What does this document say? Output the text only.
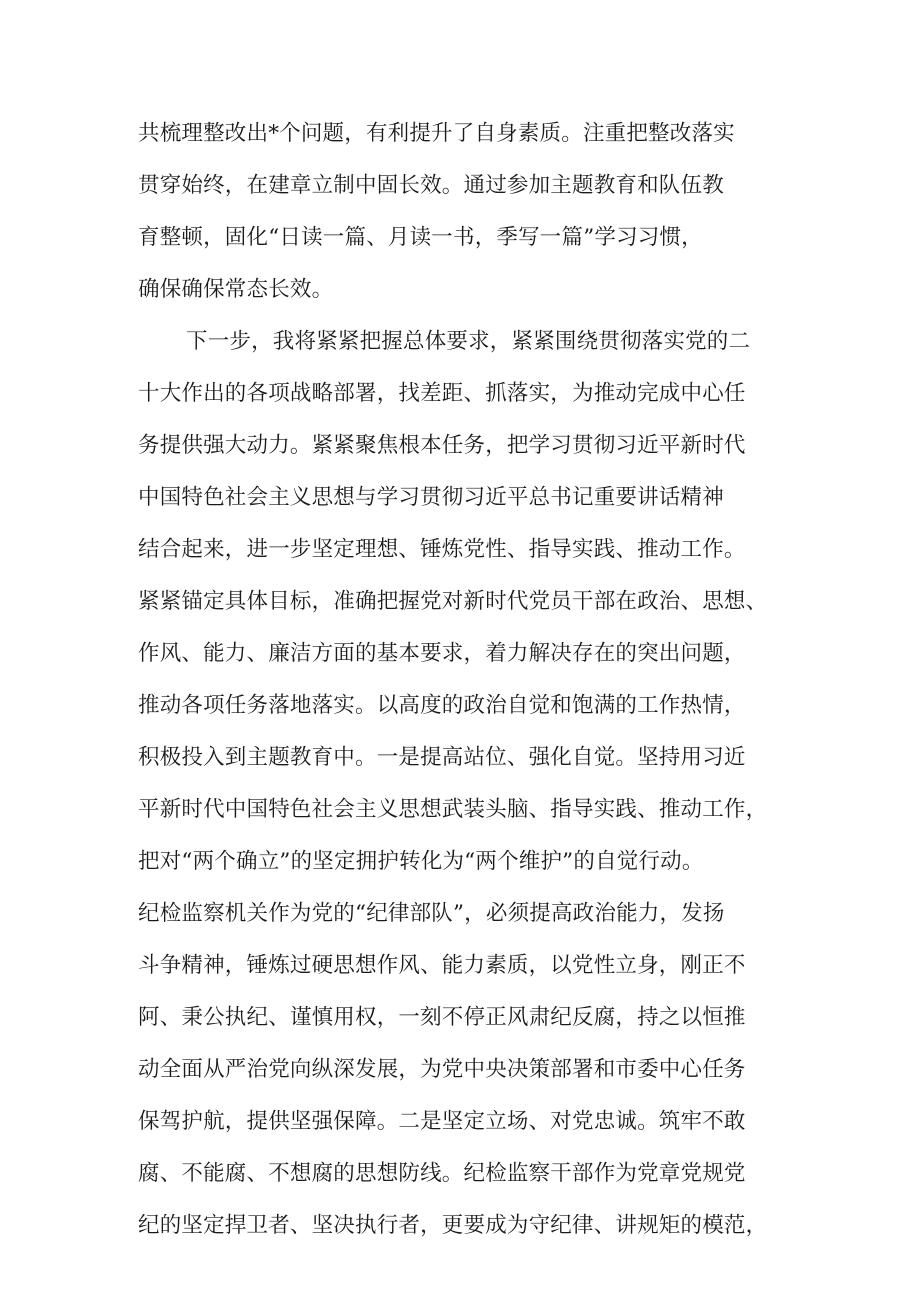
共梳理整改出*个问题，有利提升了自身素质。注重把整改落实
贯穿始终，在建章立制中固长效。通过参加主题教育和队伍教
育整顿，固化“日读一篇、月读一书，季写一篇”学习习惯，
确保确保常态长效。
下一步，我将紧紧把握总体要求，紧紧围绕贯彻落实党的二
十大作出的各项战略部署，找差距、抓落实，为推动完成中心任
务提供强大动力。紧紧聚焦根本任务，把学习贯彻习近平新时代
中国特色社会主义思想与学习贯彻习近平总书记重要讲话精神
结合起来，进一步坚定理想、锤炼党性、指导实践、推动工作。
紧紧锚定具体目标，准确把握党对新时代党员干部在政治、思想、
作风、能力、廉洁方面的基本要求，着力解决存在的突出问题，
推动各项任务落地落实。以高度的政治自觉和饱满的工作热情，
积极投入到主题教育中。一是提高站位、强化自觉。坚持用习近
平新时代中国特色社会主义思想武装头脑、指导实践、推动工作，
把对“两个确立”的坚定拥护转化为“两个维护”的自觉行动。
纪检监察机关作为党的“纪律部队”，必须提高政治能力，发扬
斗争精神，锤炼过硬思想作风、能力素质，以党性立身，刚正不
阿、秉公执纪、谨慎用权，一刻不停正风肃纪反腐，持之以恒推
动全面从严治党向纵深发展，为党中央决策部署和市委中心任务
保驾护航，提供坚强保障。二是坚定立场、对党忠诚。筑牢不敢
腐、不能腐、不想腐的思想防线。纪检监察干部作为党章党规党
纪的坚定捍卫者、坚决执行者，更要成为守纪律、讲规矩的模范，
